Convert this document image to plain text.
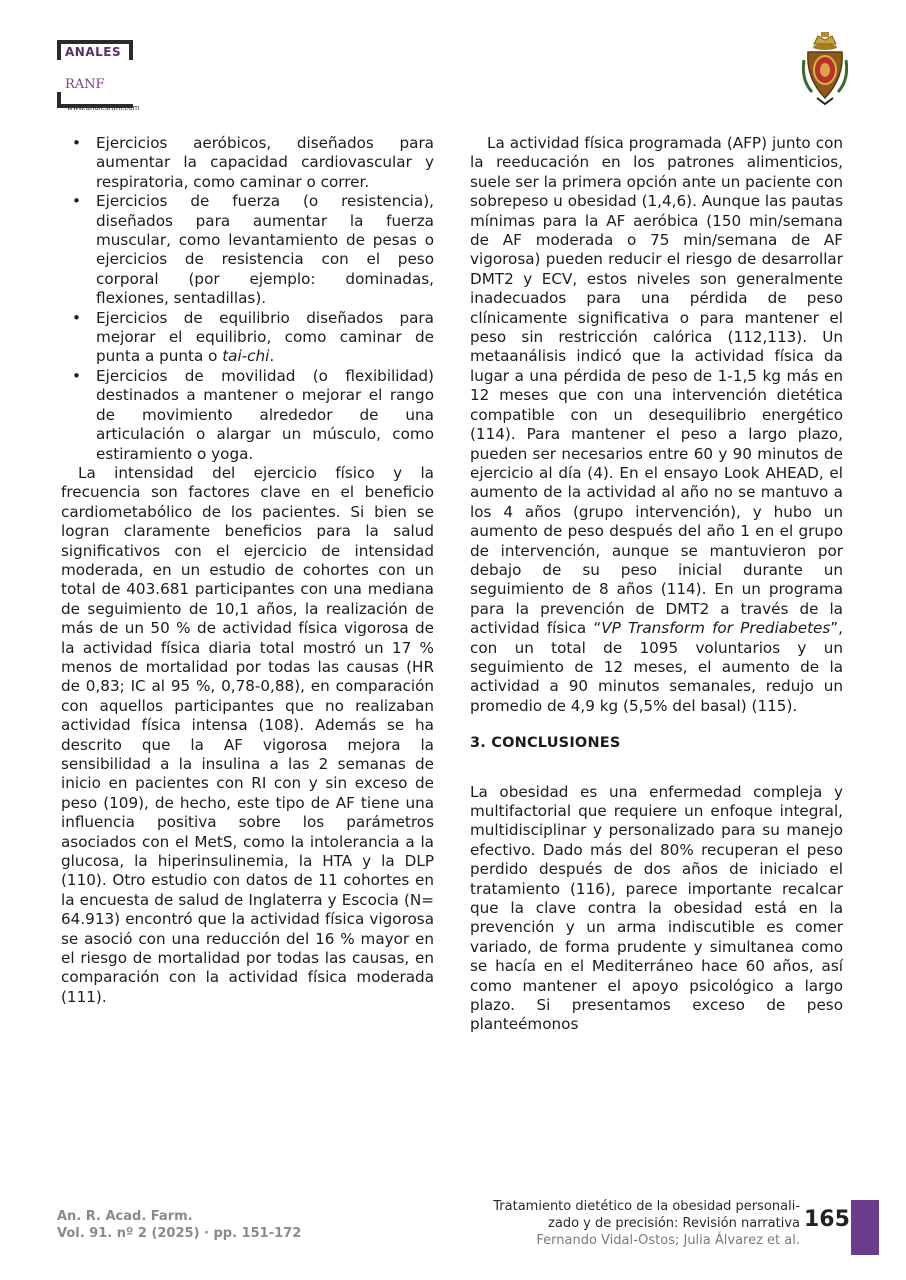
ANALES
RANF
www.analesranf.com
• Ejercicios aeróbicos, diseñados para aumentar la capacidad cardiovascular y respiratoria, como caminar o correr.
• Ejercicios de fuerza (o resistencia), diseñados para aumentar la fuerza muscular, como levantamiento de pesas o ejercicios de resistencia con el peso corporal (por ejemplo: dominadas, flexiones, sentadillas).
• Ejercicios de equilibrio diseñados para mejorar el equilibrio, como caminar de punta a punta o tai-chi.
• Ejercicios de movilidad (o flexibilidad) destinados a mantener o mejorar el rango de movimiento alrededor de una articulación o alargar un músculo, como estiramiento o yoga.

La intensidad del ejercicio físico y la frecuencia son factores clave en el beneficio cardiometabólico de los pacientes. Si bien se logran claramente beneficios para la salud significativos con el ejercicio de intensidad moderada, en un estudio de cohortes con un total de 403.681 participantes con una mediana de seguimiento de 10,1 años, la realización de más de un 50 % de actividad física vigorosa de la actividad física diaria total mostró un 17 % menos de mortalidad por todas las causas (HR de 0,83; IC al 95 %, 0,78-0,88), en comparación con aquellos participantes que no realizaban actividad física intensa (108). Además se ha descrito que la AF vigorosa mejora la sensibilidad a la insulina a las 2 semanas de inicio en pacientes con RI con y sin exceso de peso (109), de hecho, este tipo de AF tiene una influencia positiva sobre los parámetros asociados con el MetS, como la intolerancia a la glucosa, la hiperinsulinemia, la HTA y la DLP (110). Otro estudio con datos de 11 cohortes en la encuesta de salud de Inglaterra y Escocia (N= 64.913) encontró que la actividad física vigorosa se asoció con una reducción del 16 % mayor en el riesgo de mortalidad por todas las causas, en comparación con la actividad física moderada (111).

La actividad física programada (AFP) junto con la reeducación en los patrones alimenticios, suele ser la primera opción ante un paciente con sobrepeso u obesidad (1,4,6). Aunque las pautas mínimas para la AF aeróbica (150 min/semana de AF moderada o 75 min/semana de AF vigorosa) pueden reducir el riesgo de desarrollar DMT2 y ECV, estos niveles son generalmente inadecuados para una pérdida de peso clínicamente significativa o para mantener el peso sin restricción calórica (112,113). Un metaanálisis indicó que la actividad física da lugar a una pérdida de peso de 1-1,5 kg más en 12 meses que con una intervención dietética compatible con un desequilibrio energético (114). Para mantener el peso a largo plazo, pueden ser necesarios entre 60 y 90 minutos de ejercicio al día (4). En el ensayo Look AHEAD, el aumento de la actividad al año no se mantuvo a los 4 años (grupo intervención), y hubo un aumento de peso después del año 1 en el grupo de intervención, aunque se mantuvieron por debajo de su peso inicial durante un seguimiento de 8 años (114). En un programa para la prevención de DMT2 a través de la actividad física “VP Transform for Prediabetes”, con un total de 1095 voluntarios y un seguimiento de 12 meses, el aumento de la actividad a 90 minutos semanales, redujo un promedio de 4,9 kg (5,5% del basal) (115).

3. CONCLUSIONES

La obesidad es una enfermedad compleja y multifactorial que requiere un enfoque integral, multidisciplinar y personalizado para su manejo efectivo. Dado más del 80% recuperan el peso perdido después de dos años de iniciado el tratamiento (116), parece importante recalcar que la clave contra la obesidad está en la prevención y un arma indiscutible es comer variado, de forma prudente y simultanea como se hacía en el Mediterráneo hace 60 años, así como mantener el apoyo psicológico a largo plazo. Si presentamos exceso de peso planteémonos

An. R. Acad. Farm.
Vol. 91. nº 2 (2025) · pp. 151-172
Tratamiento dietético de la obesidad personali-
zado y de precisión: Revisión narrativa
Fernando Vidal-Ostos; Julia Álvarez et al.
165
